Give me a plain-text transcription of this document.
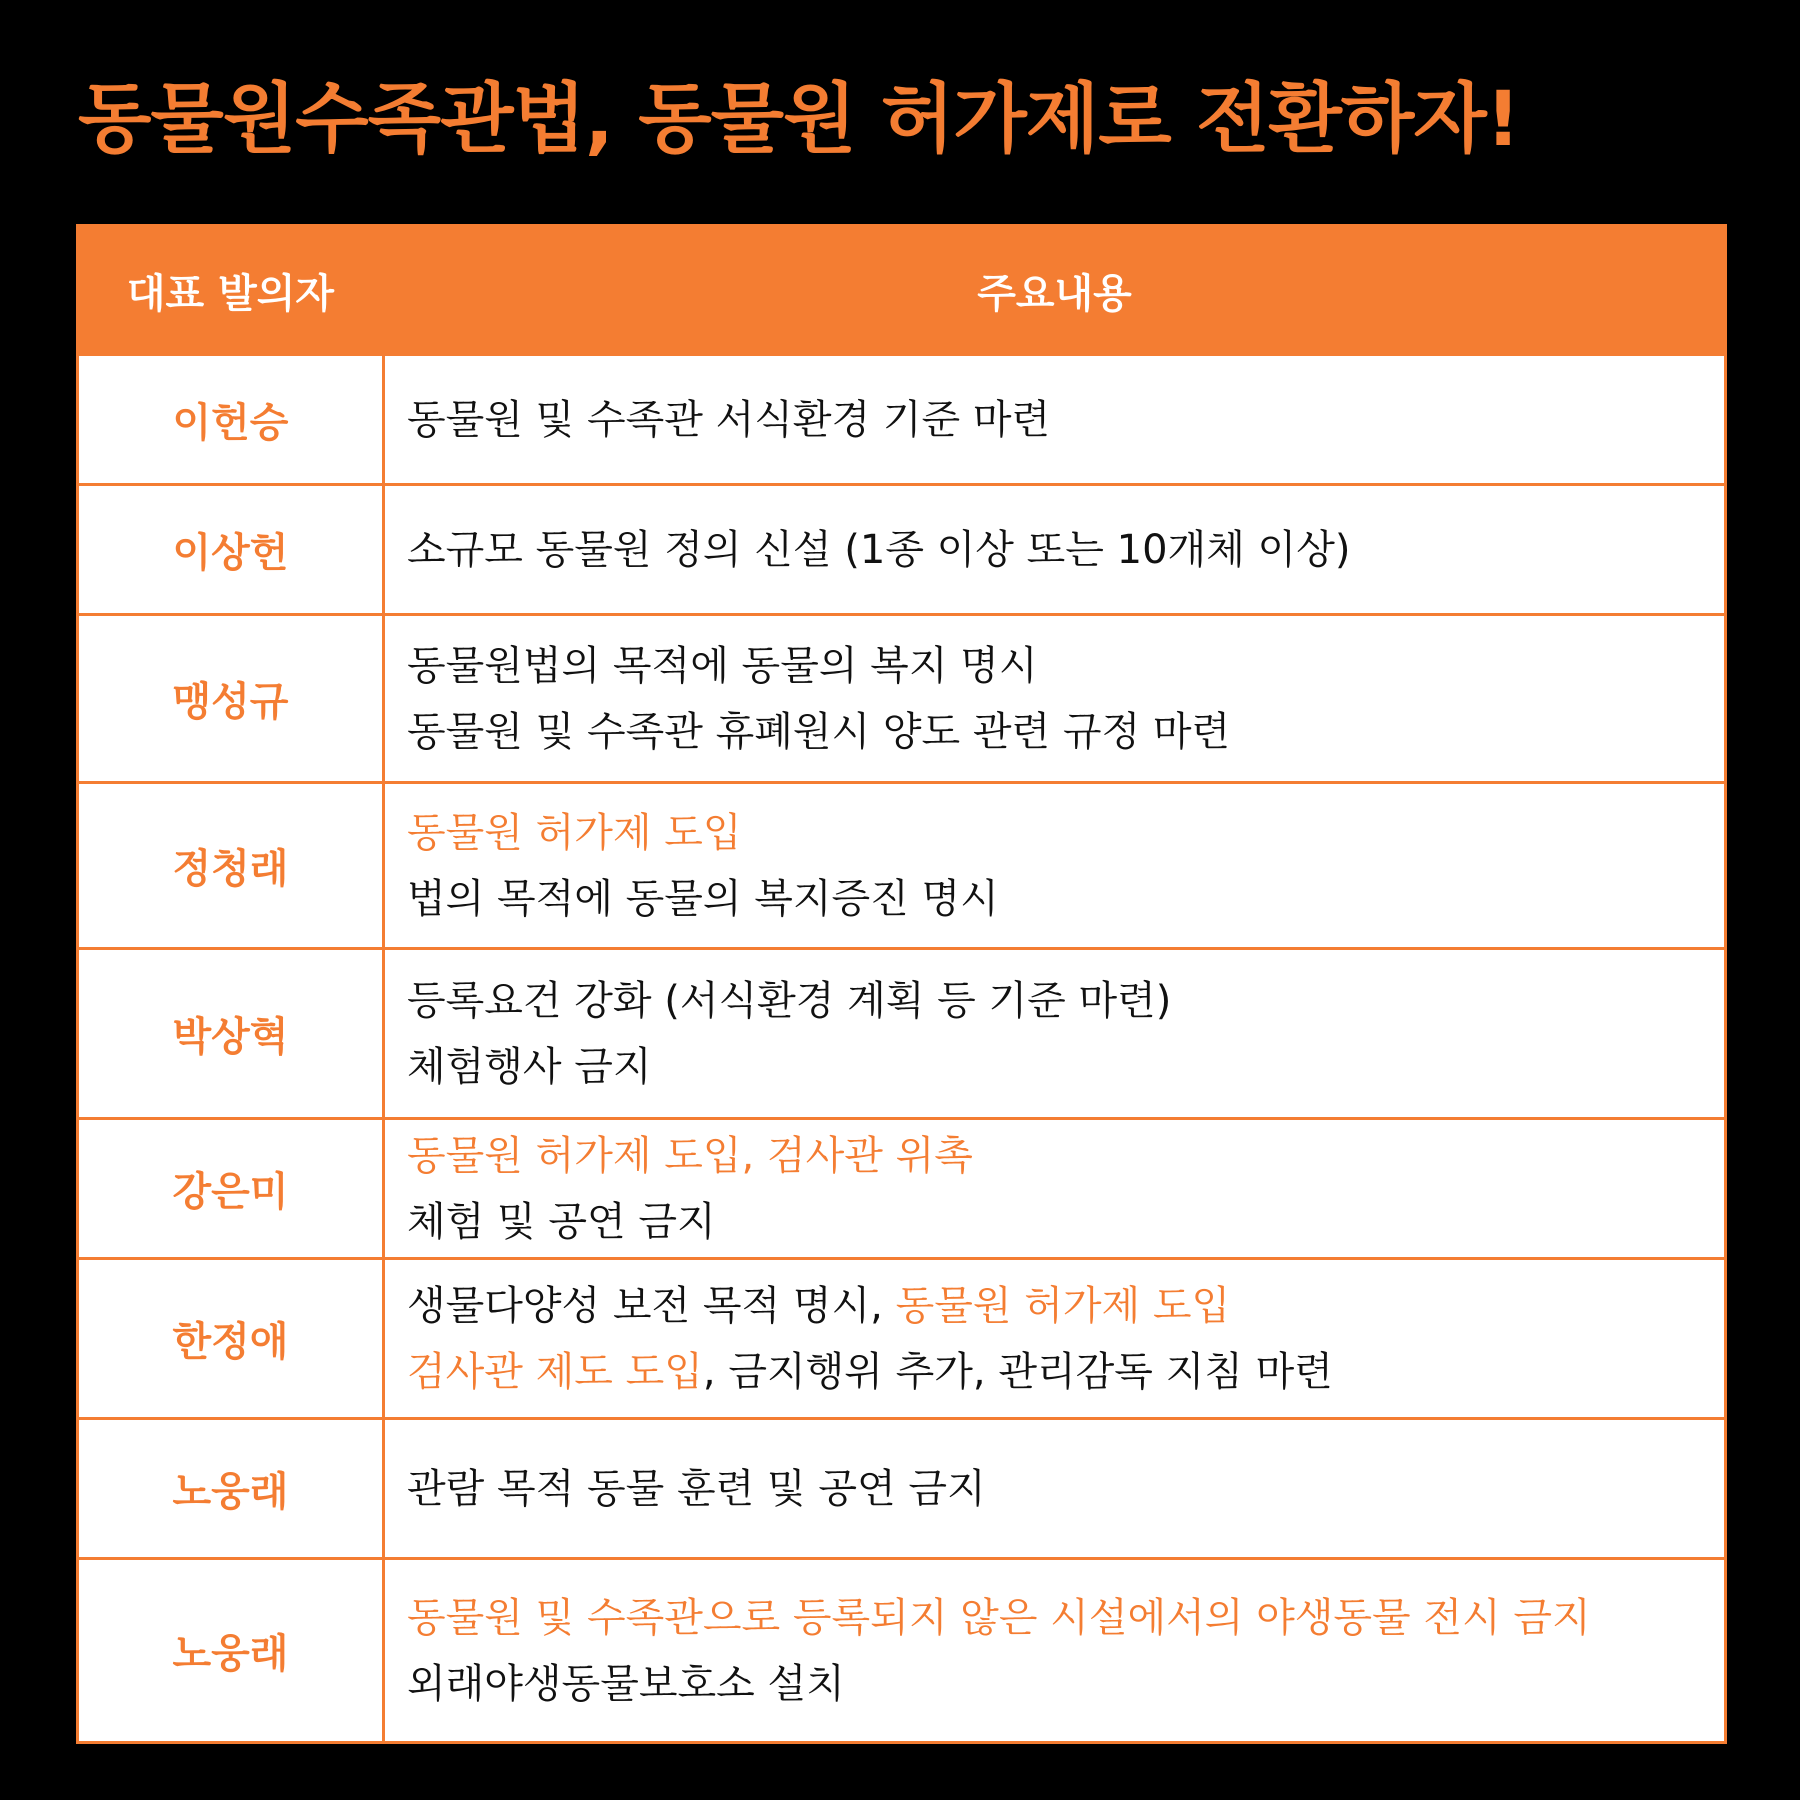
동물원수족관법, 동물원 허가제로 전환하자!
대표 발의자	주요내용
이헌승	동물원 및 수족관 서식환경 기준 마련

이상헌	소규모 동물원 정의 신설 (1종 이상 또는 10개체 이상)

맹성규	동물원법의 목적에 동물의 복지 명시
동물원 및 수족관 휴폐원시 양도 관련 규정 마련

정청래	동물원 허가제 도입
법의 목적에 동물의 복지증진 명시

박상혁	등록요건 강화 (서식환경 계획 등 기준 마련)
체험행사 금지

강은미	동물원 허가제 도입, 검사관 위촉
체험 및 공연 금지

한정애	생물다양성 보전 목적 명시, 동물원 허가제 도입
검사관 제도 도입, 금지행위 추가, 관리감독 지침 마련

노웅래	관람 목적 동물 훈련 및 공연 금지

노웅래	동물원 및 수족관으로 등록되지 않은 시설에서의 야생동물 전시 금지
외래야생동물보호소 설치
